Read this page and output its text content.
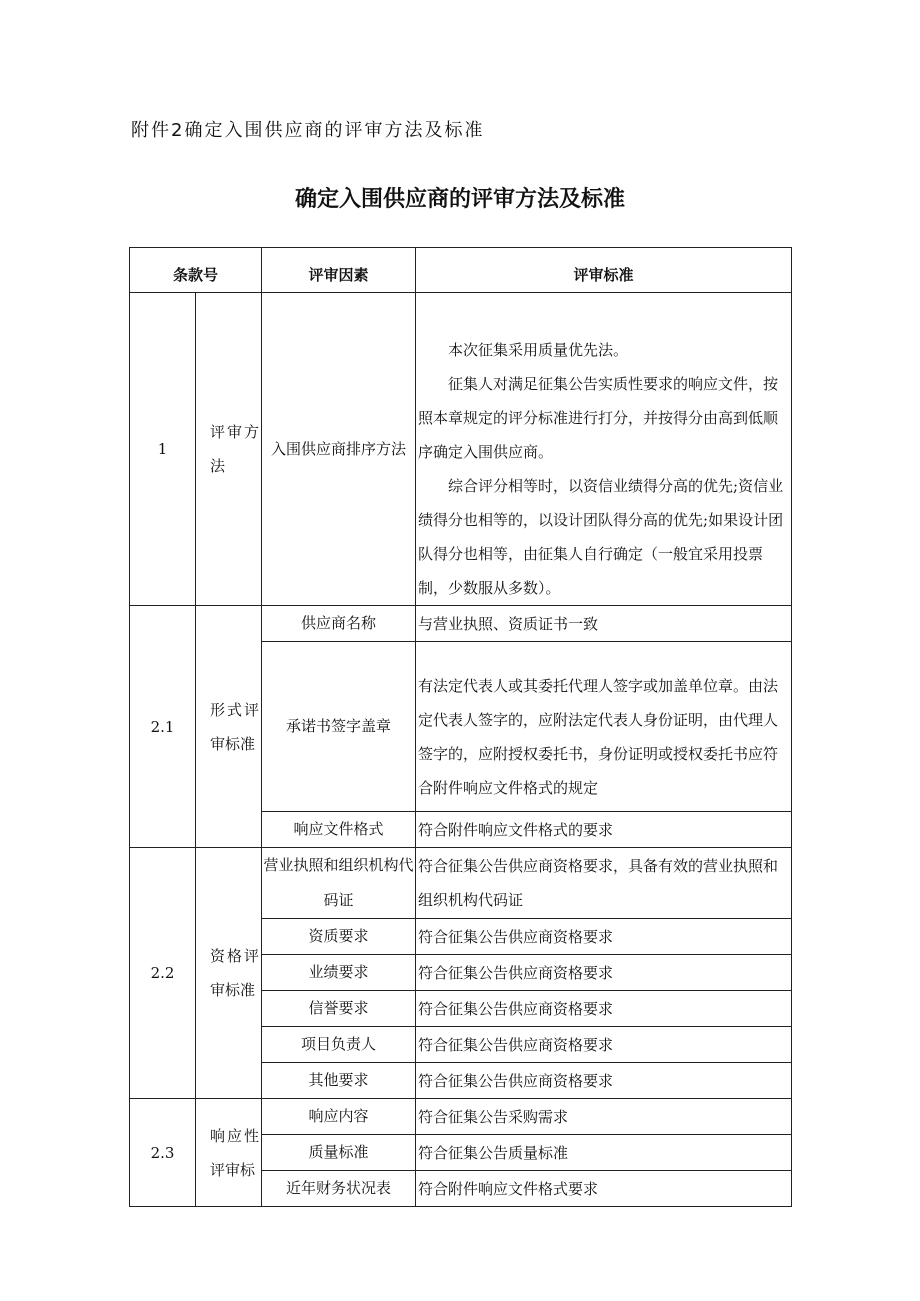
附件2确定入围供应商的评审方法及标准
确定入围供应商的评审方法及标准
条款号		评审因素	评审标准
1	评审方法	入围供应商排序方法	本次征集采用质量优先法。

征集人对满足征集公告实质性要求的响应文件，按照本章规定的评分标准进行打分，并按得分由高到低顺序确定入围供应商。

综合评分相等时，以资信业绩得分高的优先;资信业绩得分也相等的，以设计团队得分高的优先;如果设计团队得分也相等，由征集人自行确定（一般宜采用投票制，少数服从多数）。

2.1	形式评审标准	供应商名称	与营业执照、资质证书一致
		承诺书签字盖章	有法定代表人或其委托代理人签字或加盖单位章。由法定代表人签字的，应附法定代表人身份证明，由代理人签字的，应附授权委托书，身份证明或授权委托书应符合附件响应文件格式的规定
		响应文件格式	符合附件响应文件格式的要求
2.2	资格评审标准	营业执照和组织机构代码证	符合征集公告供应商资格要求，具备有效的营业执照和组织机构代码证
		资质要求	符合征集公告供应商资格要求
		业绩要求	符合征集公告供应商资格要求
		信誉要求	符合征集公告供应商资格要求
		项目负责人	符合征集公告供应商资格要求
		其他要求	符合征集公告供应商资格要求
2.3	响应性评审标	响应内容	符合征集公告采购需求
		质量标准	符合征集公告质量标准
		近年财务状况表	符合附件响应文件格式要求
